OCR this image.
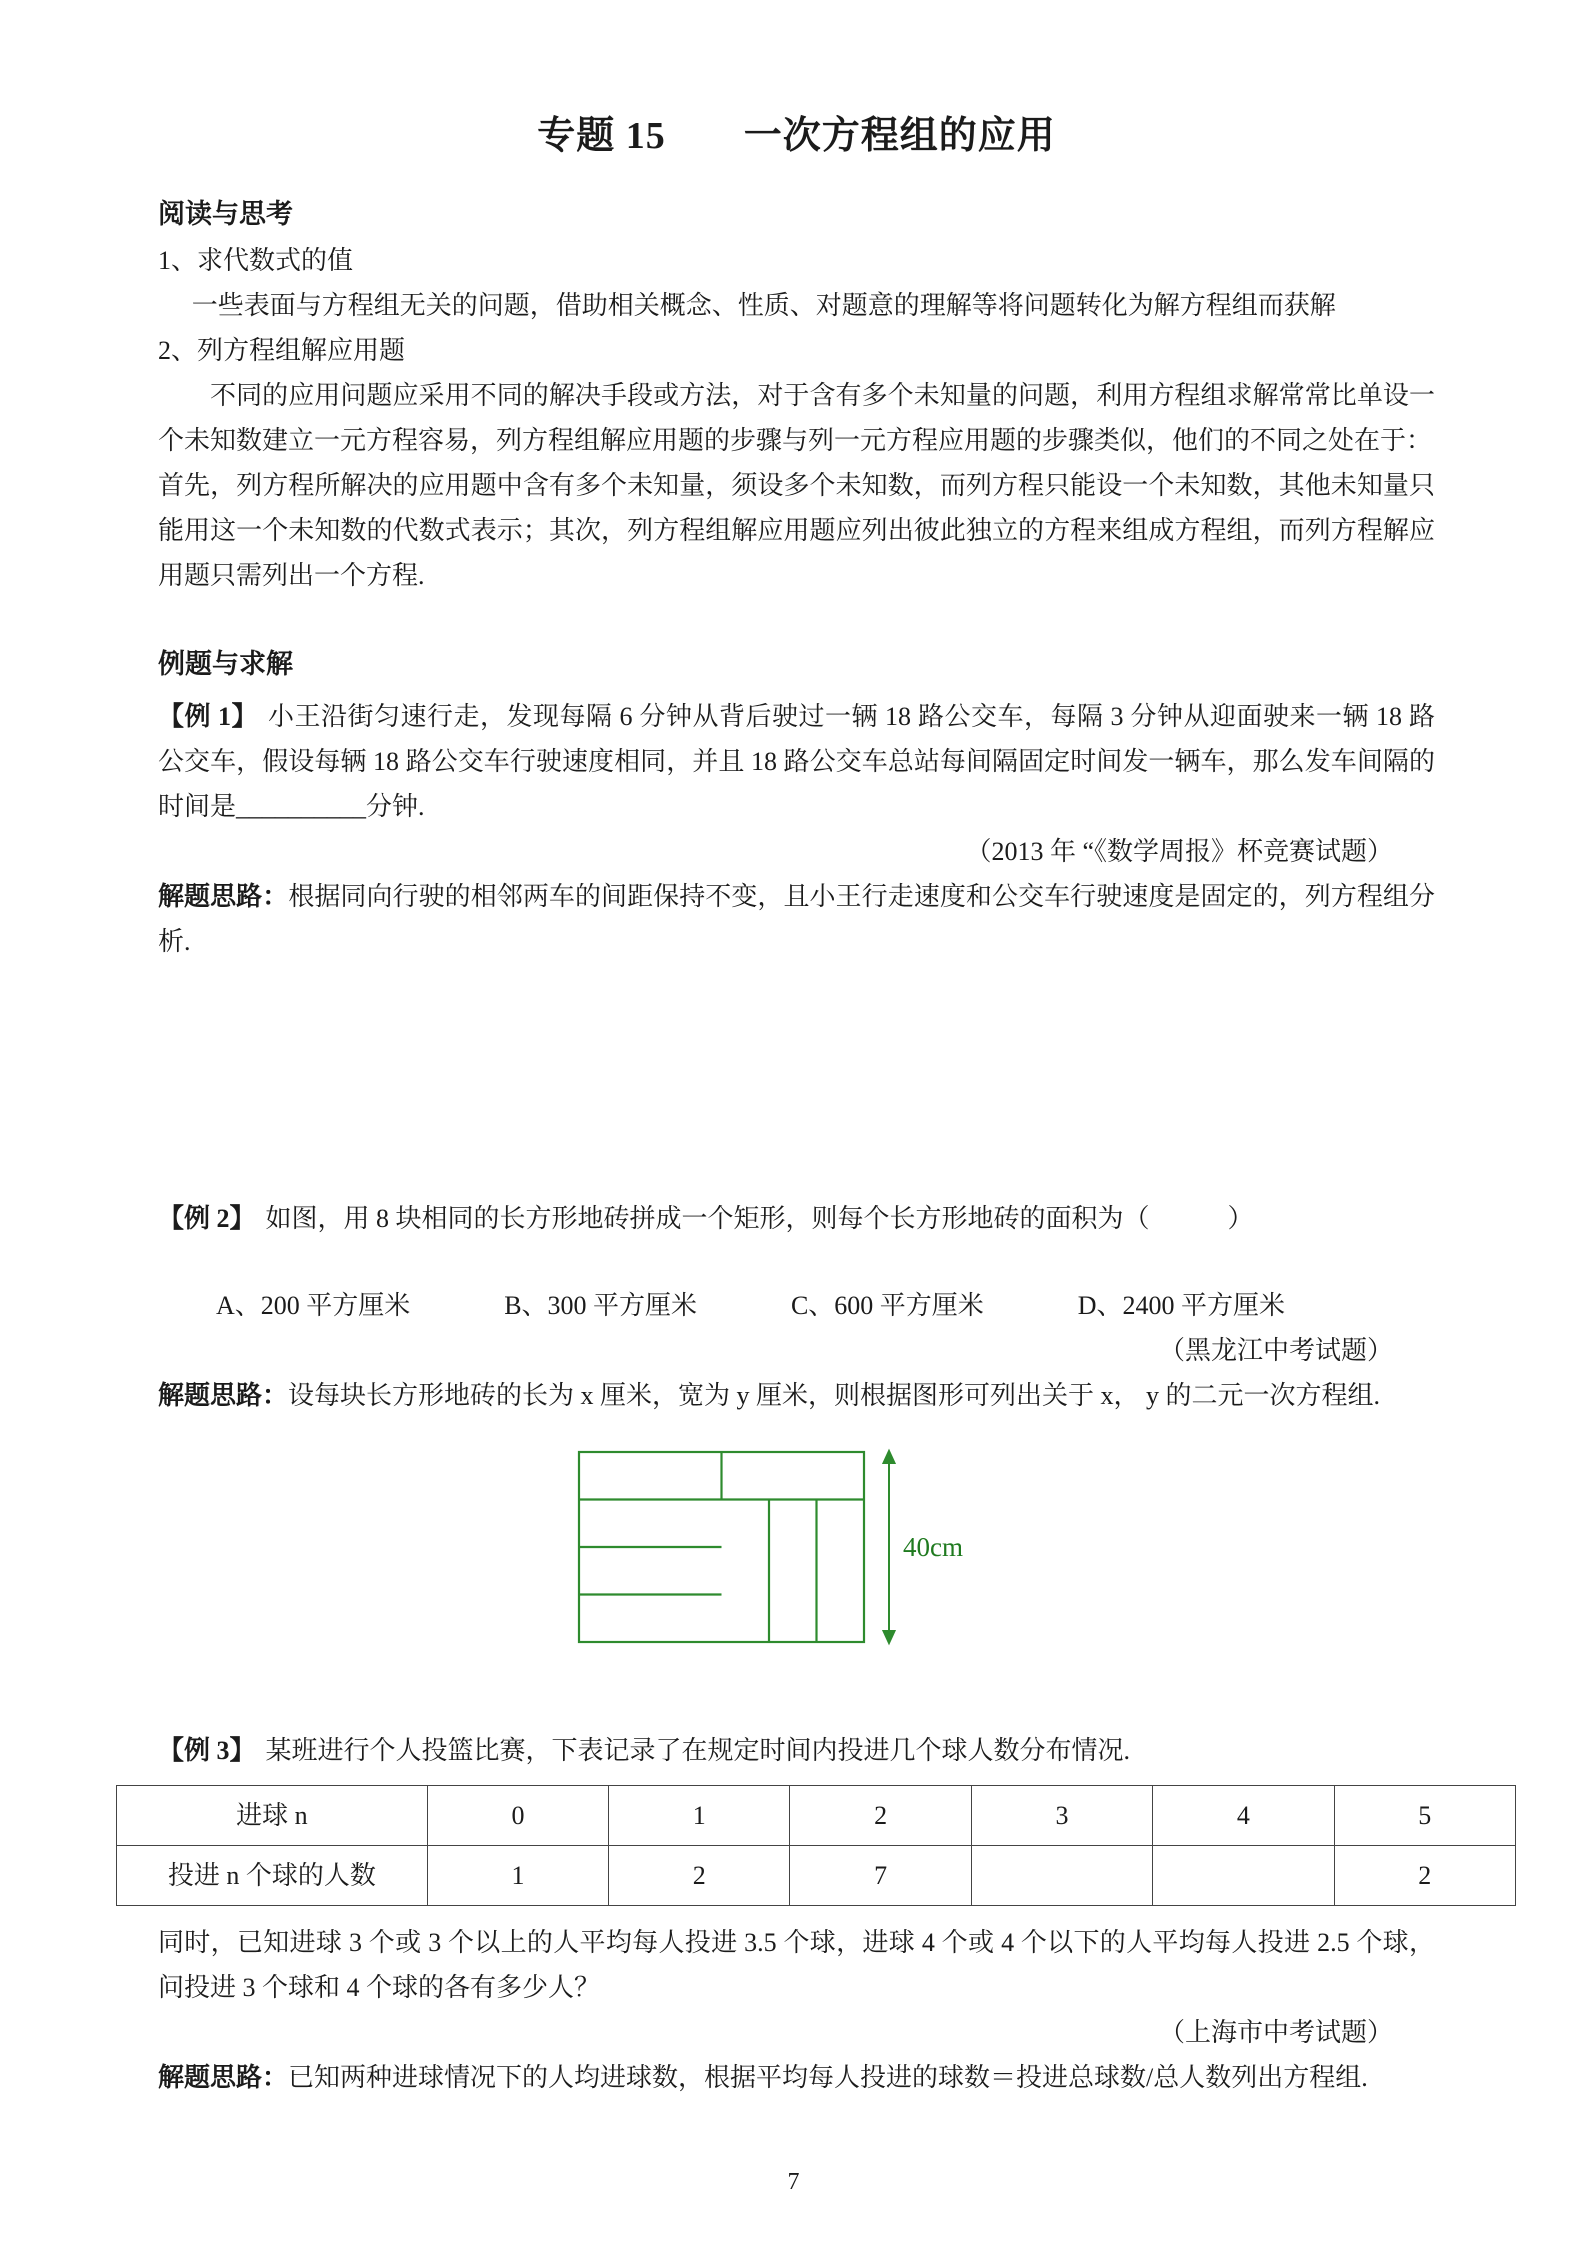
专题 15　　一次方程组的应用
阅读与思考

1、求代数式的值

一些表面与方程组无关的问题，借助相关概念、性质、对题意的理解等将问题转化为解方程组而获解

2、列方程组解应用题

不同的应用问题应采用不同的解决手段或方法，对于含有多个未知量的问题，利用方程组求解常常比单设一个未知数建立一元方程容易，列方程组解应用题的步骤与列一元方程应用题的步骤类似，他们的不同之处在于：

首先，列方程所解决的应用题中含有多个未知量，须设多个未知数，而列方程只能设一个未知数，其他未知量只能用这一个未知数的代数式表示；其次，列方程组解应用题应列出彼此独立的方程来组成方程组，而列方程解应用题只需列出一个方程.

例题与求解

【例 1】 小王沿街匀速行走，发现每隔 6 分钟从背后驶过一辆 18 路公交车，每隔 3 分钟从迎面驶来一辆 18 路公交车，假设每辆 18 路公交车行驶速度相同，并且 18 路公交车总站每间隔固定时间发一辆车，那么发车间隔的时间是__________分钟.

（2013 年 “《数学周报》杯竞赛试题）

解题思路：根据同向行驶的相邻两车的间距保持不变，且小王行走速度和公交车行驶速度是固定的，列方程组分析.

【例 2】 如图，用 8 块相同的长方形地砖拼成一个矩形，则每个长方形地砖的面积为（　　　）

A、200 平方厘米	B、300 平方厘米	C、600 平方厘米	D、2400 平方厘米

（黑龙江中考试题）

解题思路：设每块长方形地砖的长为 x 厘米，宽为 y 厘米，则根据图形可列出关于 x， y 的二元一次方程组.

40cm

【例 3】 某班进行个人投篮比赛，下表记录了在规定时间内投进几个球人数分布情况.

进球 n	0	1	2	3	4	5
投进 n 个球的人数	1	2	7			2

同时，已知进球 3 个或 3 个以上的人平均每人投进 3.5 个球，进球 4 个或 4 个以下的人平均每人投进 2.5 个球，问投进 3 个球和 4 个球的各有多少人？

（上海市中考试题）

解题思路：已知两种进球情况下的人均进球数，根据平均每人投进的球数＝投进总球数/总人数列出方程组.

7
